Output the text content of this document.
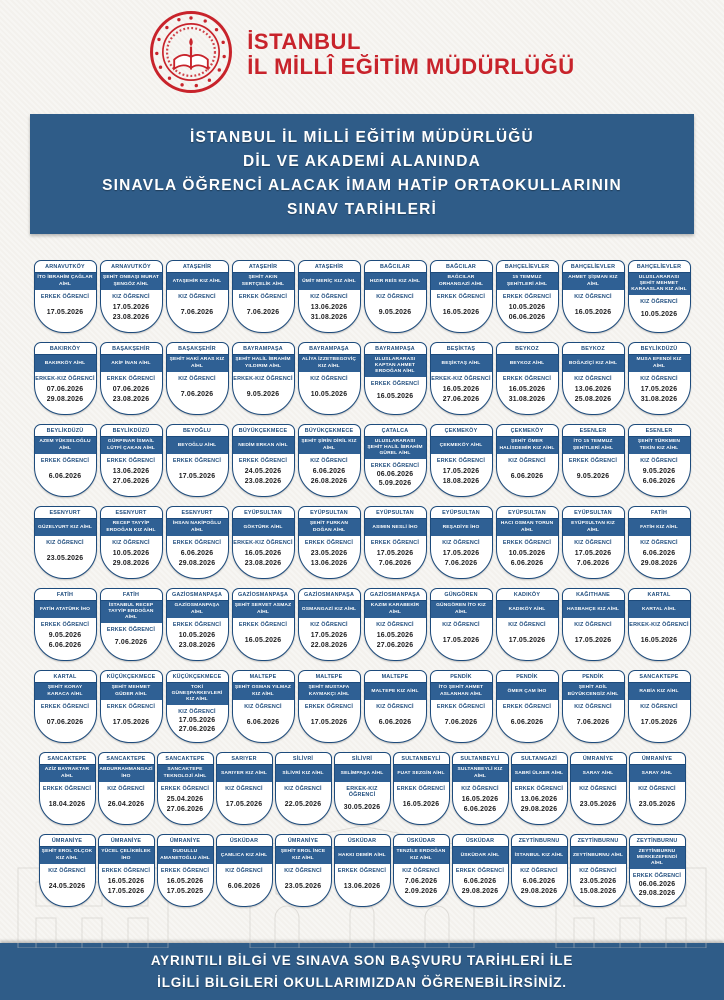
İSTANBUL
İL MİLLÎ EĞİTİM MÜDÜRLÜĞÜ
İSTANBUL İL MİLLİ EĞİTİM MÜDÜRLÜĞÜ
DİL VE AKADEMİ ALANINDA
SINAVLA ÖĞRENCİ ALACAK İMAM HATİP ORTAOKULLARININ
SINAV TARİHLERİ
ARNAVUTKÖY
İTO İBRAHİM ÇAĞLAR AİHL
ERKEK ÖĞRENCİ
17.05.2026
ARNAVUTKÖY
ŞEHİT ONBAŞI MURAT ŞENGÖZ AİHL
KIZ ÖĞRENCİ
17.05.2026
23.08.2026
ATAŞEHİR
ATAŞEHİR KIZ AİHL
KIZ ÖĞRENCİ
7.06.2026
ATAŞEHİR
ŞEHİT AKIN SERTÇELİK AİHL
ERKEK ÖĞRENCİ
7.06.2026
ATAŞEHİR
ÜMİT MERİÇ KIZ AİHL
KIZ ÖĞRENCİ
13.06.2026
31.08.2026
BAĞCILAR
HIZIR REİS KIZ AİHL
KIZ ÖĞRENCİ
9.05.2026
BAĞCILAR
BAĞCILAR ORHANGAZİ AİHL
ERKEK ÖĞRENCİ
16.05.2026
BAHÇELİEVLER
15 TEMMUZ ŞEHİTLERİ AİHL
ERKEK ÖĞRENCİ
10.05.2026
06.06.2026
BAHÇELİEVLER
AHMET ŞİŞMAN KIZ AİHL
KIZ ÖĞRENCİ
16.05.2026
BAHÇELİEVLER
ULUSLARARASI ŞEHİT MEHMET KARAASLAN KIZ AİHL
KIZ ÖĞRENCİ
10.05.2026
BAKIRKÖY
BAKIRKÖY AİHL
ERKEK-KIZ ÖĞRENCİ
07.06.2026
29.08.2026
BAŞAKŞEHİR
AKİF İNAN AİHL
ERKEK ÖĞRENCİ
07.06.2026
23.08.2026
BAŞAKŞEHİR
ŞEHİT HAKİ ARAS KIZ AİHL
KIZ ÖĞRENCİ
7.06.2026
BAYRAMPAŞA
ŞEHİT HALİL İBRAHİM YILDIRIM AİHL
ERKEK-KIZ ÖĞRENCİ
9.05.2026
BAYRAMPAŞA
ALİYA İZZETBEGOVİÇ KIZ AİHL
KIZ ÖĞRENCİ
10.05.2026
BAYRAMPAŞA
ULUSLARARASI KAPTAN AHMET ERDOĞAN AİHL
ERKEK ÖĞRENCİ
16.05.2026
BEŞİKTAŞ
BEŞİKTAŞ AİHL
ERKEK-KIZ ÖĞRENCİ
16.05.2026
27.06.2026
BEYKOZ
BEYKOZ AİHL
ERKEK ÖĞRENCİ
16.05.2026
31.08.2026
BEYKOZ
BOĞAZİÇİ KIZ AİHL
KIZ ÖĞRENCİ
13.06.2026
25.08.2026
BEYLİKDÜZÜ
MUSA EFENDİ KIZ AİHL
KIZ ÖĞRENCİ
17.05.2026
31.08.2026
BEYLİKDÜZÜ
AZEM YÜKSELOĞLU AİHL
ERKEK ÖĞRENCİ
6.06.2026
BEYLİKDÜZÜ
GÜRPINAR İSMAİL LÜTFİ ÇAKAN AİHL
ERKEK ÖĞRENCİ
13.06.2026
27.06.2026
BEYOĞLU
BEYOĞLU AİHL
ERKEK ÖĞRENCİ
17.05.2026
BÜYÜKÇEKMECE
NEDİM ERKAN AİHL
ERKEK ÖĞRENCİ
24.05.2026
23.08.2026
BÜYÜKÇEKMECE
ŞEHİT ŞİRİN DİRİL KIZ AİHL
KIZ ÖĞRENCİ
6.06.2026
26.08.2026
ÇATALCA
ULUSLARARASI ŞEHİT HALİL İBRAHİM GÜREL AİHL
ERKEK ÖĞRENCİ
06.06.2026
5.09.2026
ÇEKMEKÖY
ÇEKMEKÖY AİHL
ERKEK ÖĞRENCİ
17.05.2026
18.08.2026
ÇEKMEKÖY
ŞEHİT ÖMER HALİSDEMİR KIZ AİHL
KIZ ÖĞRENCİ
6.06.2026
ESENLER
İTO 15 TEMMUZ ŞEHİTLERİ AİHL
ERKEK ÖĞRENCİ
9.05.2026
ESENLER
ŞEHİT TÜRKMEN TEKİN KIZ AİHL
KIZ ÖĞRENCİ
9.05.2026
6.06.2026
ESENYURT
GÜZELYURT KIZ AİHL
KIZ ÖĞRENCİ
23.05.2026
ESENYURT
RECEP TAYYİP ERDOĞAN KIZ AİHL
KIZ ÖĞRENCİ
10.05.2026
29.08.2026
ESENYURT
İHSAN NAKİPOĞLU AİHL
ERKEK ÖĞRENCİ
6.06.2026
29.08.2026
EYÜPSULTAN
GÖKTÜRK AİHL
ERKEK-KIZ ÖĞRENCİ
16.05.2026
23.08.2026
EYÜPSULTAN
ŞEHİT FURKAN DOĞAN AİHL
ERKEK ÖĞRENCİ
23.05.2026
13.06.2026
EYÜPSULTAN
ASIMIN NESLİ İHO
ERKEK ÖĞRENCİ
17.05.2026
7.06.2026
EYÜPSULTAN
REŞADİYE İHO
KIZ ÖĞRENCİ
17.05.2026
7.06.2026
EYÜPSULTAN
HACI OSMAN TORUN AİHL
ERKEK ÖĞRENCİ
10.05.2026
6.06.2026
EYÜPSULTAN
EYÜPSULTAN KIZ AİHL
KIZ ÖĞRENCİ
17.05.2026
7.06.2026
FATİH
FATİH KIZ AİHL
KIZ ÖĞRENCİ
6.06.2026
29.08.2026
FATİH
FATİH ATATÜRK İHO
ERKEK ÖĞRENCİ
9.05.2026
6.06.2026
FATİH
İSTANBUL RECEP TAYYİP ERDOĞAN AİHL
ERKEK ÖĞRENCİ
7.06.2026
GAZİOSMANPAŞA
GAZİOSMANPAŞA AİHL
ERKEK ÖĞRENCİ
10.05.2026
23.08.2026
GAZİOSMANPAŞA
ŞEHİT SERVET ASMAZ AİHL
ERKEK ÖĞRENCİ
16.05.2026
GAZİOSMANPAŞA
OSMANGAZİ KIZ AİHL
KIZ ÖĞRENCİ
17.05.2026
22.08.2026
GAZİOSMANPAŞA
KAZIM KARABEKİR AİHL
KIZ ÖĞRENCİ
16.05.2026
27.06.2026
GÜNGÖREN
GÜNGÖREN İTO KIZ AİHL
KIZ ÖĞRENCİ
17.05.2026
KADIKÖY
KADIKÖY AİHL
KIZ ÖĞRENCİ
17.05.2026
KAĞITHANE
HASBAHÇE KIZ AİHL
KIZ ÖĞRENCİ
17.05.2026
KARTAL
KARTAL AİHL
ERKEK-KIZ ÖĞRENCİ
16.05.2026
KARTAL
ŞEHİT KORAY KARACA AİHL
ERKEK ÖĞRENCİ
07.06.2026
KÜÇÜKÇEKMECE
ŞEHİT MEHMET GÜDER AİHL
ERKEK ÖĞRENCİ
17.05.2026
KÜÇÜKÇEKMECE
TOKİ GÜNEŞPARKEVLERİ KIZ AİHL
KIZ ÖĞRENCİ
17.05.2026
27.06.2026
MALTEPE
ŞEHİT OSMAN YILMAZ KIZ AİHL
KIZ ÖĞRENCİ
6.06.2026
MALTEPE
ŞEHİT MUSTAFA KAYMAKÇI AİHL
ERKEK ÖĞRENCİ
17.05.2026
MALTEPE
MALTEPE KIZ AİHL
KIZ ÖĞRENCİ
6.06.2026
PENDİK
İTO ŞEHİT AHMET ASLANHAN AİHL
ERKEK ÖĞRENCİ
7.06.2026
PENDİK
ÖMER ÇAM İHO
ERKEK ÖĞRENCİ
6.06.2026
PENDİK
ŞEHİT ADİL BÜYÜKCENGİZ AİHL
KIZ ÖĞRENCİ
7.06.2026
SANCAKTEPE
RABİA KIZ AİHL
KIZ ÖĞRENCİ
17.05.2026
SANCAKTEPE
AZİZ BAYRAKTAR AİHL
ERKEK ÖĞRENCİ
18.04.2026
SANCAKTEPE
ABDURRAHMANGAZİ İHO
KIZ ÖĞRENCİ
26.04.2026
SANCAKTEPE
SANCAKTEPE TEKNOLOJİ AİHL
ERKEK ÖĞRENCİ
25.04.2026
27.06.2026
SARIYER
SARIYER KIZ AİHL
KIZ ÖĞRENCİ
17.05.2026
SİLİVRİ
SİLİVRİ KIZ AİHL
KIZ ÖĞRENCİ
22.05.2026
SİLİVRİ
SELİMPAŞA AİHL
ERKEK-KIZ ÖĞRENCİ
30.05.2026
SULTANBEYLİ
FUAT SEZGİN AİHL
ERKEK ÖĞRENCİ
16.05.2026
SULTANBEYLİ
SULTANBEYLİ KIZ AİHL
KIZ ÖĞRENCİ
16.05.2026
6.06.2026
SULTANGAZİ
SABRİ ÜLKER AİHL
ERKEK ÖĞRENCİ
13.06.2026
29.08.2026
ÜMRANİYE
SARAY AİHL
KIZ ÖĞRENCİ
23.05.2026
ÜMRANİYE
SARAY AİHL
KIZ ÖĞRENCİ
23.05.2026
ÜMRANİYE
ŞEHİT EROL OLÇOK KIZ AİHL
KIZ ÖĞRENCİ
24.05.2026
ÜMRANİYE
YÜCEL ÇELİKBİLEK İHO
ERKEK ÖĞRENCİ
16.05.2026
17.05.2026
ÜMRANİYE
DUDULLU AMANETOĞLU AİHL
ERKEK ÖĞRENCİ
16.05.2026
17.05.2025
ÜSKÜDAR
ÇAMLICA KIZ AİHL
KIZ ÖĞRENCİ
6.06.2026
ÜMRANİYE
ŞEHİT EROL İNCE KIZ AİHL
KIZ ÖĞRENCİ
23.05.2026
ÜSKÜDAR
HAKKI DEMİR AİHL
ERKEK ÖĞRENCİ
13.06.2026
ÜSKÜDAR
TENZİLE ERDOĞAN KIZ AİHL
KIZ ÖĞRENCİ
7.06.2026
2.09.2026
ÜSKÜDAR
ÜSKÜDAR AİHL
ERKEK ÖĞRENCİ
6.06.2026
29.08.2026
ZEYTİNBURNU
İSTANBUL KIZ AİHL
KIZ ÖĞRENCİ
6.06.2026
29.08.2026
ZEYTİNBURNU
ZEYTİNBURNU AİHL
KIZ ÖĞRENCİ
23.05.2026
15.08.2026
ZEYTİNBURNU
ZEYTİNBURNU MERKEZEFENDİ AİHL
ERKEK ÖĞRENCİ
06.06.2026
29.08.2026
AYRINTILI BİLGİ VE SINAVA SON BAŞVURU TARİHLERİ İLE
İLGİLİ BİLGİLERİ OKULLARIMIZDAN ÖĞRENEBİLİRSİNİZ.
